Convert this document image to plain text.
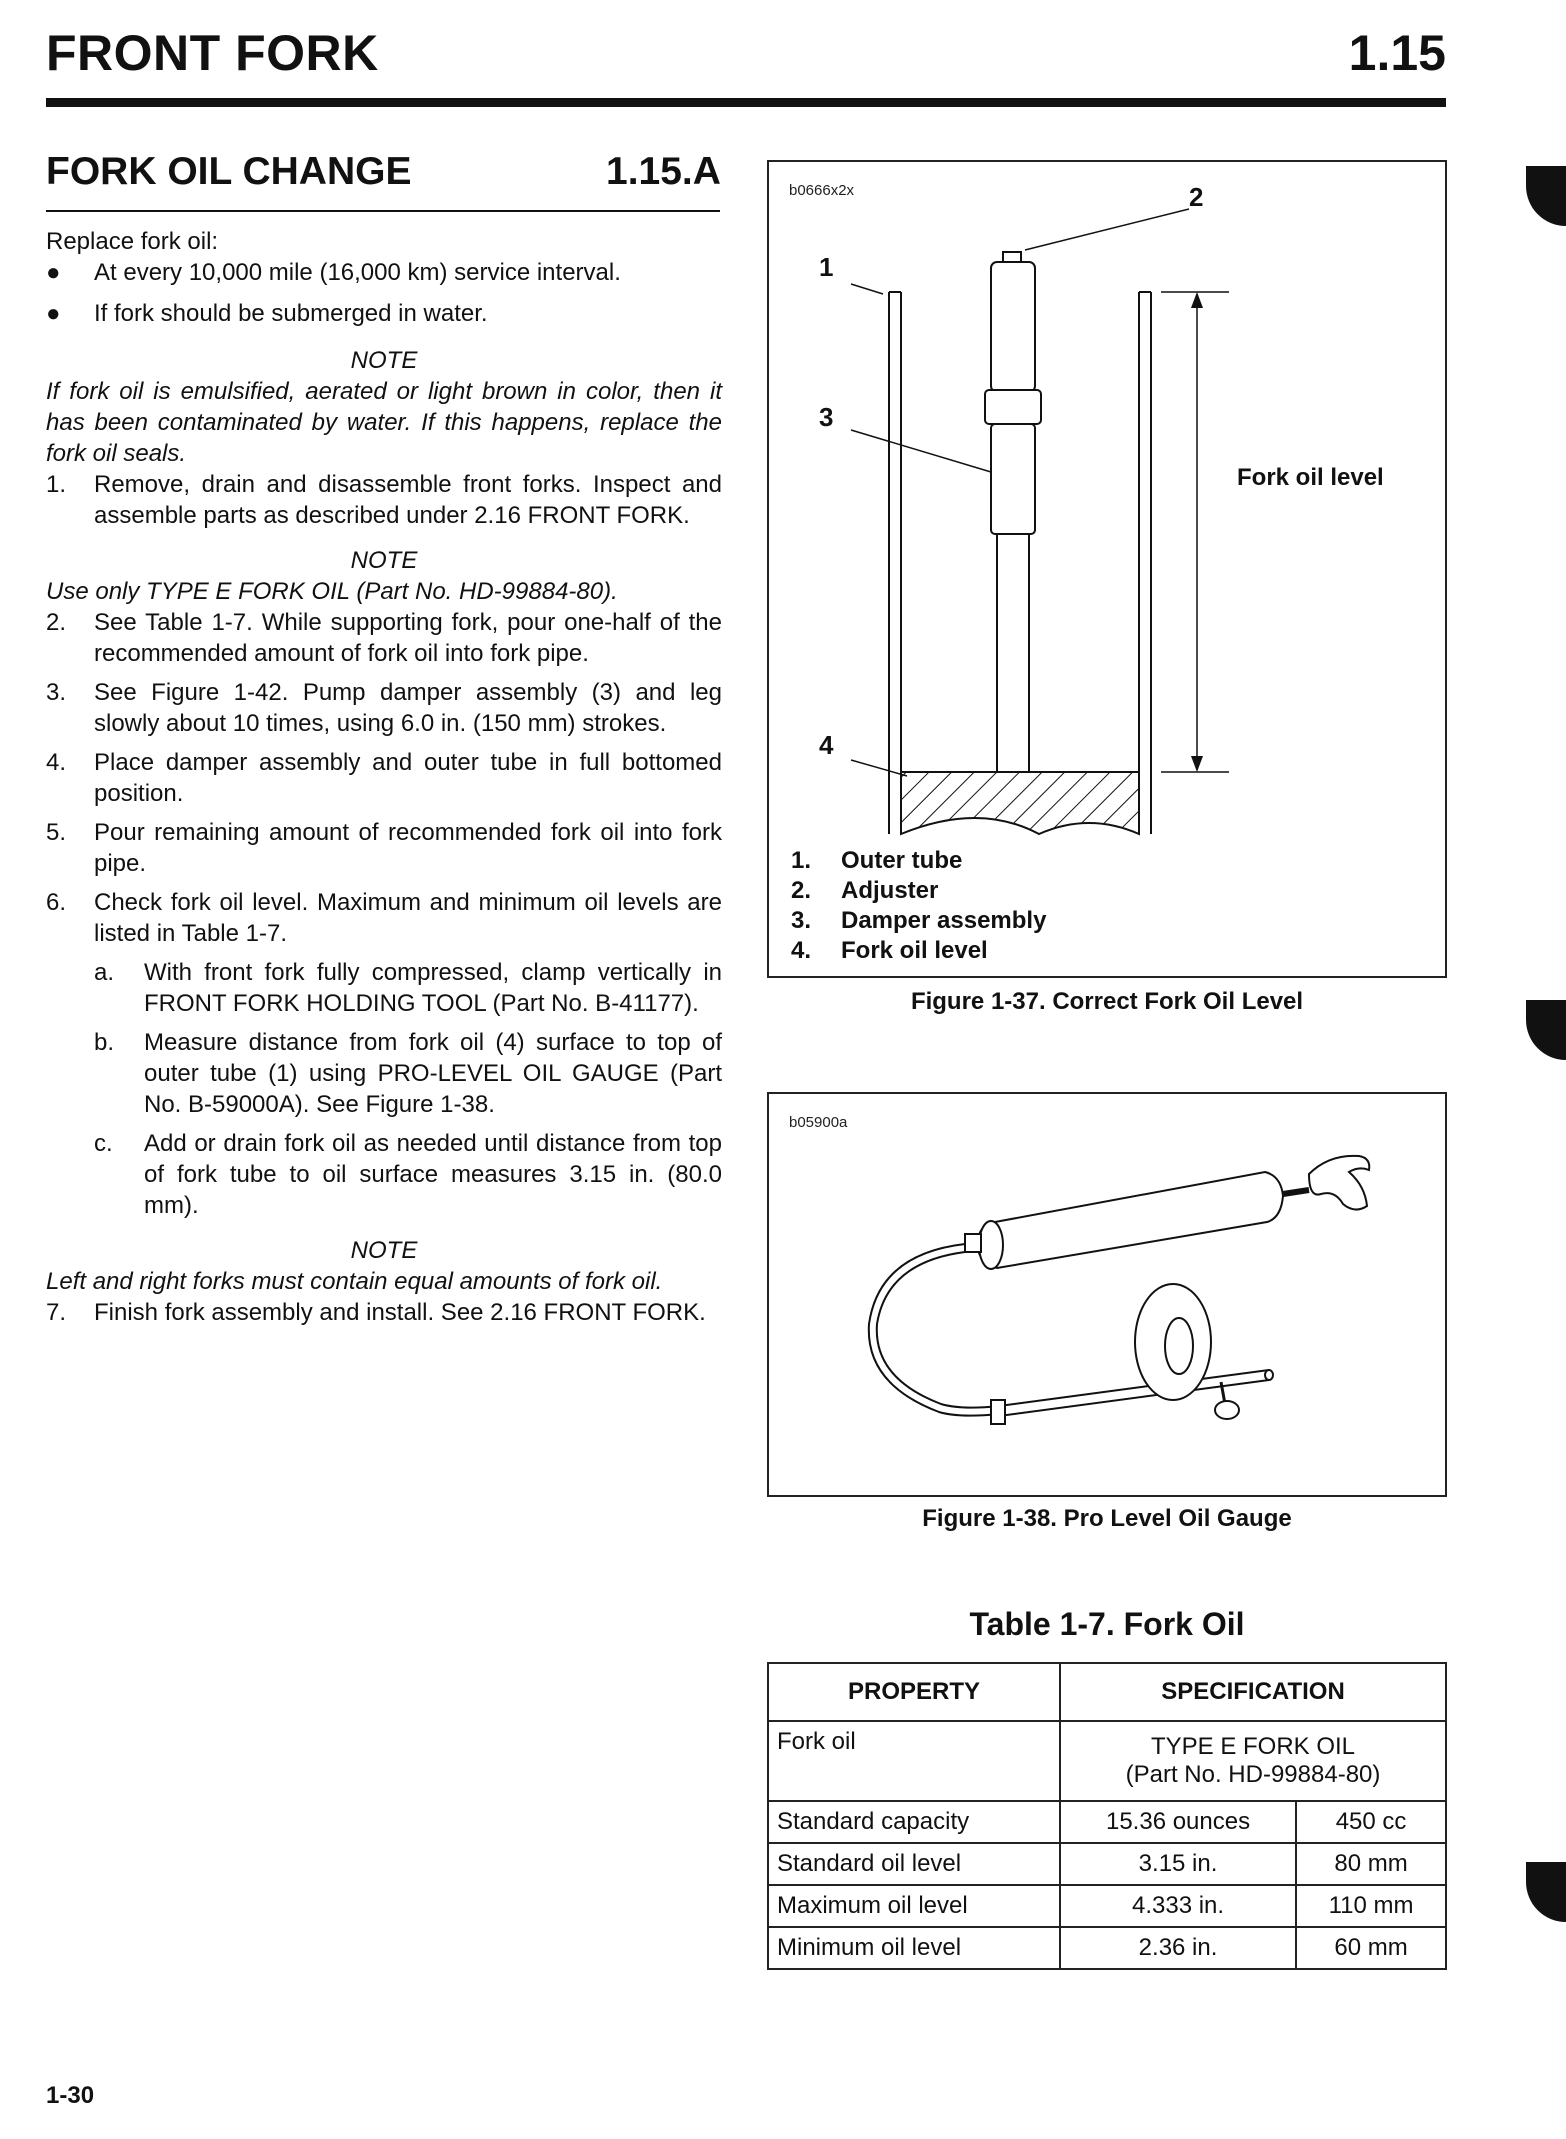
FRONT FORK	1.15
FORK OIL CHANGE	1.15.A

Replace fork oil:

● At every 10,000 mile (16,000 km) service interval.
● If fork should be submerged in water.

NOTE

If fork oil is emulsified, aerated or light brown in color, then it has been contaminated by water. If this happens, replace the fork oil seals.

1. Remove, drain and disassemble front forks. Inspect and assemble parts as described under 2.16 FRONT FORK.

NOTE

Use only TYPE E FORK OIL (Part No. HD-99884-80).

2. See Table 1-7. While supporting fork, pour one-half of the recommended amount of fork oil into fork pipe.
3. See Figure 1-42. Pump damper assembly (3) and leg slowly about 10 times, using 6.0 in. (150 mm) strokes.
4. Place damper assembly and outer tube in full bottomed position.
5. Pour remaining amount of recommended fork oil into fork pipe.
6. Check fork oil level. Maximum and minimum oil levels are listed in Table 1-7.
a. With front fork fully compressed, clamp vertically in FRONT FORK HOLDING TOOL (Part No. B-41177).
b. Measure distance from fork oil (4) surface to top of outer tube (1) using PRO-LEVEL OIL GAUGE (Part No. B-59000A). See Figure 1-38.
c. Add or drain fork oil as needed until distance from top of fork tube to oil surface measures 3.15 in. (80.0 mm).

NOTE

Left and right forks must contain equal amounts of fork oil.

7. Finish fork assembly and install. See 2.16 FRONT FORK.
b0666x2x	2
1
3
4
Fork oil level
1. Outer tube
2. Adjuster
3. Damper assembly
4. Fork oil level
Figure 1-37. Correct Fork Oil Level
b05900a
Figure 1-38. Pro Level Oil Gauge
Table 1-7. Fork Oil
PROPERTY	SPECIFICATION	
Fork oil	TYPE E FORK OIL
(Part No. HD-99884-80)	

Standard capacity	15.36 ounces	450 cc
Standard oil level	3.15 in.	80 mm
Maximum oil level	4.333 in.	110 mm
Minimum oil level	2.36 in.	60 mm
1-30
